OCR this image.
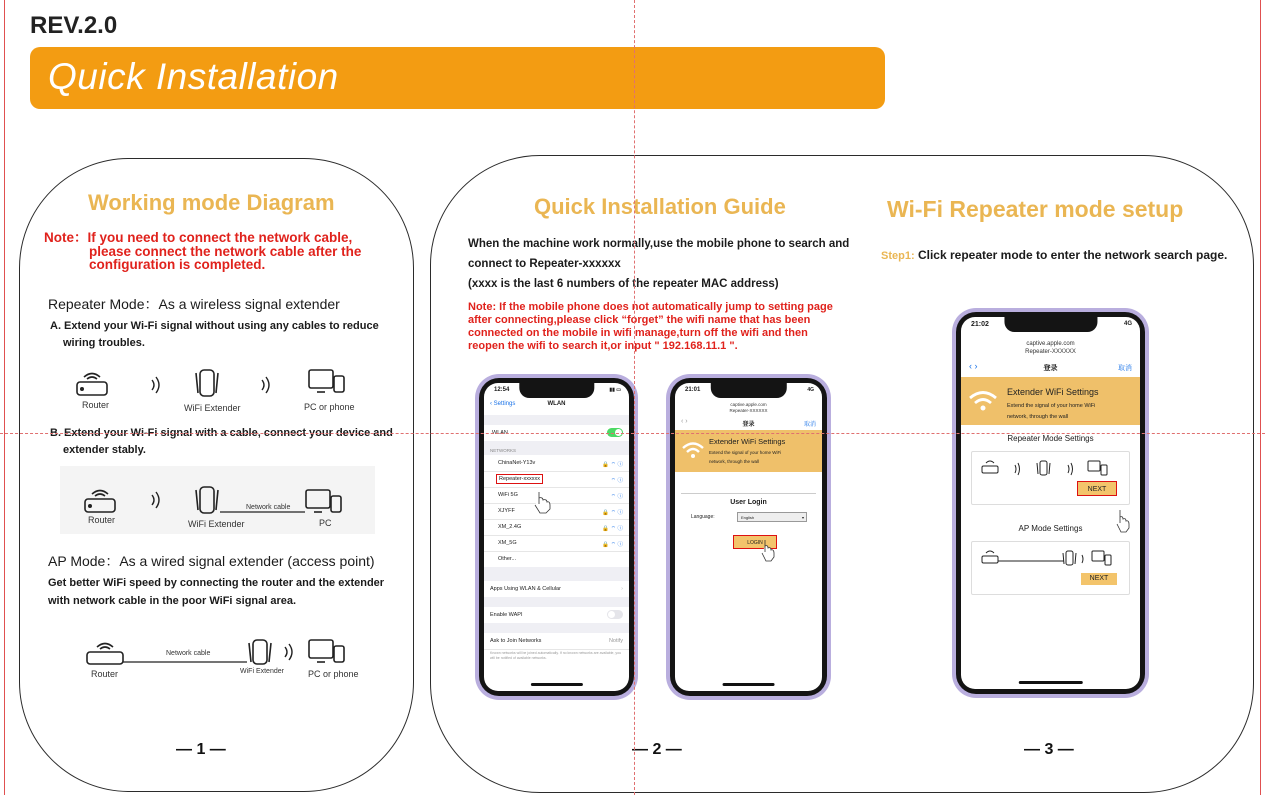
REV.2.0
Quick Installation
Working mode Diagram
Note：If you need to connect the network cable,
please connect the network cable after the
configuration is completed.
Repeater Mode：As a wireless signal extender
A. Extend your Wi-Fi signal without using any cables to reduce
wiring troubles.
Router	WiFi Extender	PC or phone
B. Extend your Wi-Fi signal with a cable, connect your device and
extender stably.
Router	WiFi Extender
Network cable
PC
AP Mode：As a wired signal extender (access point)
Get better WiFi speed by connecting the router and the extender
with network cable in the poor WiFi signal area.
Router
Network cable
WiFi Extender	PC or phone
— 1 —
Quick Installation Guide
When the machine work normally,use the mobile phone to search and
connect to Repeater-xxxxxx
(xxxx is the last 6 numbers of the repeater MAC address)
Note: If the mobile phone does not automatically jump to setting page
after connecting,please click “forget” the wifi name that has been
connected on the mobile in wifi manage,turn off the wifi and then
reopen the wifi to search it,or input " 192.168.11.1 ".
12:54	▮▮ ▭
‹ Settings	WLAN
WLAN
NETWORKS
ChinaNet-Y13v	🔒 ⌔ ⓘ
Repeater-xxxxxx	⌔ ⓘ
WiFi 5G	⌔ ⓘ
XJYFF	🔒 ⌔ ⓘ
XM_2.4G	🔒 ⌔ ⓘ
XM_5G	🔒 ⌔ ⓘ
Other...
Apps Using WLAN & Cellular	›
Enable WAPI
Ask to Join Networks	Notify
Known networks will be joined automatically. If no known networks are available, you will be notified of available networks.
21:01	4G
captive.apple.com
Repeater-XXXXXX
‹ ›	登录	取消
Extender WiFi Settings
Extend the signal of your home WiFi
network, through the wall
User Login
Language:	English	▾
LOGIN
Wi-Fi Repeater mode setup
Step1: Click repeater mode to enter the network search page.
21:02	4G
captive.apple.com
Repeater-XXXXXX
‹ ›	登录	取消
Extender WiFi Settings
Extend the signal of your home WiFi
network, through the wall
Repeater Mode Settings
NEXT
AP Mode Settings
NEXT
— 2 —	— 3 —
